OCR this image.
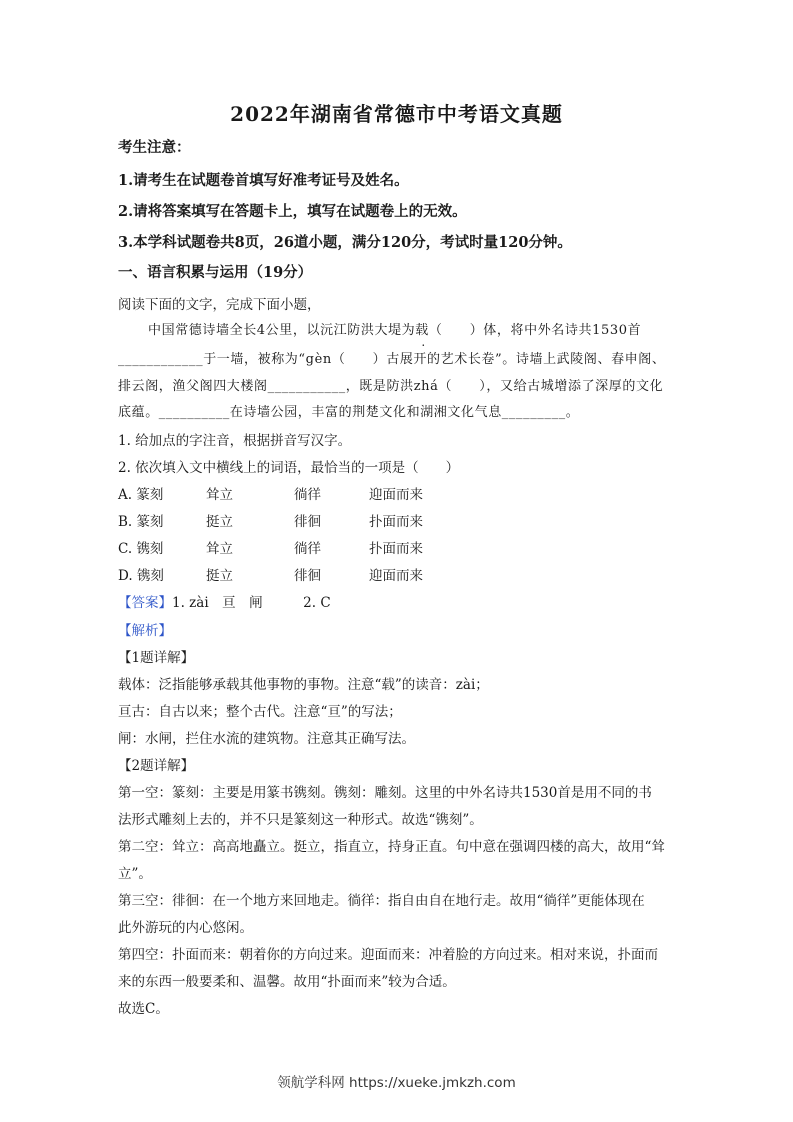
2022年湖南省常德市中考语文真题
考生注意：
1.请考生在试题卷首填写好准考证号及姓名。
2.请将答案填写在答题卡上，填写在试题卷上的无效。
3.本学科试题卷共8页，26道小题，满分120分，考试时量120分钟。
一、语言积累与运用（19分）
阅读下面的文字，完成下面小题，
中国常德诗墙全长4公里，以沅江防洪大堤为载（　　）体，将中外名诗共1530首
____________于一墙，被称为“gèn（　　）古展开的艺术长卷”。诗墙上武陵阁、春申阁、
排云阁，渔父阁四大楼阁___________，既是防洪zhá（　　），又给古城增添了深厚的文化
底蕴。__________在诗墙公园，丰富的荆楚文化和湖湘文化气息_________。
1. 给加点的字注音，根据拼音写汉字。
2. 依次填入文中横线上的词语，最恰当的一项是（　　）
A. 篆刻	耸立	徜徉	迎面而来
B. 篆刻	挺立	徘徊	扑面而来
C. 镌刻	耸立	徜徉	扑面而来
D. 镌刻	挺立	徘徊	迎面而来
【答案】1. zài　亘　闸　　　2. C
【解析】
【1题详解】
载体：泛指能够承载其他事物的事物。注意“载”的读音：zài；
亘古：自古以来；整个古代。注意“亘”的写法；
闸：水闸，拦住水流的建筑物。注意其正确写法。
【2题详解】
第一空：篆刻：主要是用篆书镌刻。镌刻：雕刻。这里的中外名诗共1530首是用不同的书
法形式雕刻上去的，并不只是篆刻这一种形式。故选“镌刻”。
第二空：耸立：高高地矗立。挺立，指直立，持身正直。句中意在强调四楼的高大，故用“耸
立”。
第三空：徘徊：在一个地方来回地走。徜徉：指自由自在地行走。故用“徜徉”更能体现在
此外游玩的内心悠闲。
第四空：扑面而来：朝着你的方向过来。迎面而来：冲着脸的方向过来。相对来说，扑面而
来的东西一般要柔和、温馨。故用“扑面而来”较为合适。
故选C。
领航学科网 https://xueke.jmkzh.com
